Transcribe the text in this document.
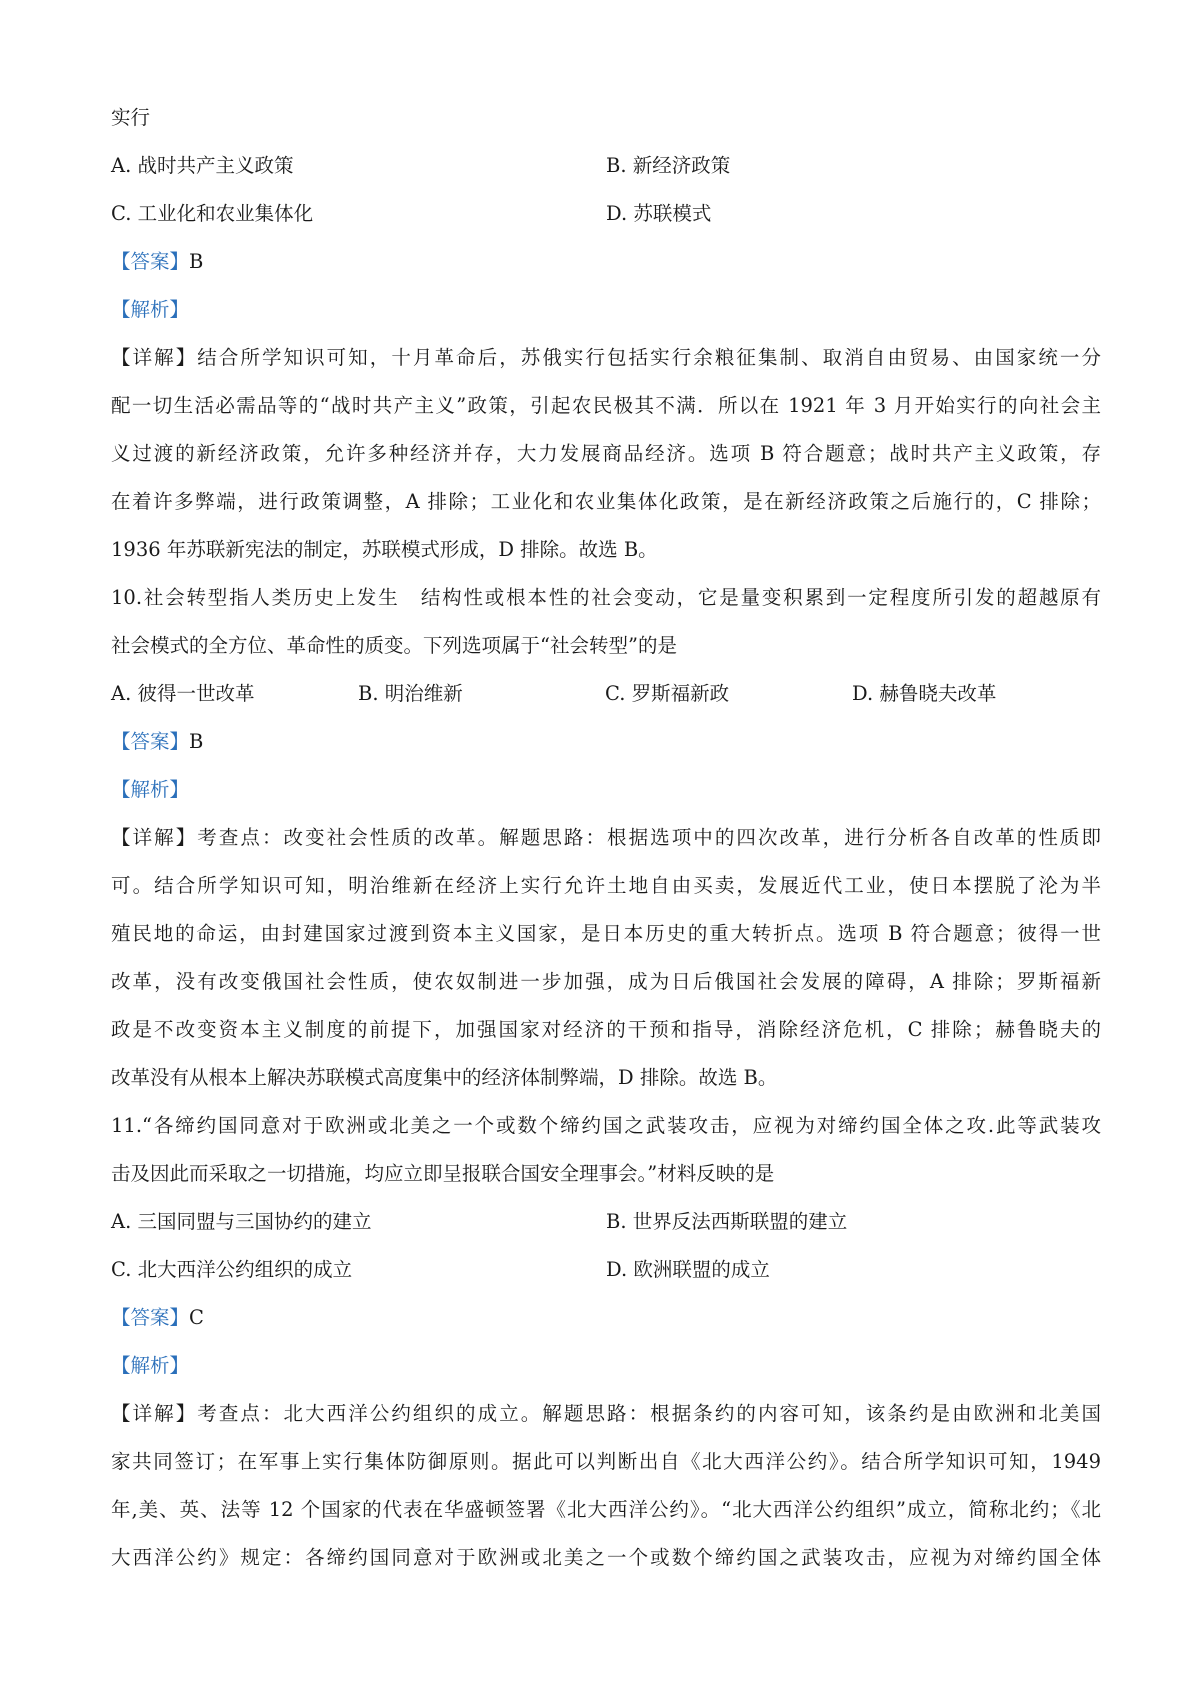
实行
A. 战时共产主义政策	B. 新经济政策
C. 工业化和农业集体化	D. 苏联模式
【答案】B
【解析】
【详解】结合所学知识可知，十月革命后，苏俄实行包括实行余粮征集制、取消自由贸易、由国家统一分
配一切生活必需品等的“战时共产主义”政策，引起农民极其不满．所以在 1921 年 3 月开始实行的向社会主
义过渡的新经济政策，允许多种经济并存，大力发展商品经济。选项 B 符合题意；战时共产主义政策，存
在着许多弊端，进行政策调整，A 排除；工业化和农业集体化政策，是在新经济政策之后施行的，C 排除；
1936 年苏联新宪法的制定，苏联模式形成，D 排除。故选 B。
10.社会转型指人类历史上发生　结构性或根本性的社会变动，它是量变积累到一定程度所引发的超越原有
社会模式的全方位、革命性的质变。下列选项属于“社会转型”的是
A. 彼得一世改革	B. 明治维新	C. 罗斯福新政	D. 赫鲁晓夫改革
【答案】B
【解析】
【详解】考查点：改变社会性质的改革。解题思路：根据选项中的四次改革，进行分析各自改革的性质即
可。结合所学知识可知，明治维新在经济上实行允许土地自由买卖，发展近代工业，使日本摆脱了沦为半
殖民地的命运，由封建国家过渡到资本主义国家，是日本历史的重大转折点。选项 B 符合题意；彼得一世
改革，没有改变俄国社会性质，使农奴制进一步加强，成为日后俄国社会发展的障碍，A 排除；罗斯福新
政是不改变资本主义制度的前提下，加强国家对经济的干预和指导，消除经济危机，C 排除；赫鲁晓夫的
改革没有从根本上解决苏联模式高度集中的经济体制弊端，D 排除。故选 B。
11.“各缔约国同意对于欧洲或北美之一个或数个缔约国之武装攻击，应视为对缔约国全体之攻.此等武装攻
击及因此而采取之一切措施，均应立即呈报联合国安全理事会。”材料反映的是
A. 三国同盟与三国协约的建立	B. 世界反法西斯联盟的建立
C. 北大西洋公约组织的成立	D. 欧洲联盟的成立
【答案】C
【解析】
【详解】考查点：北大西洋公约组织的成立。解题思路：根据条约的内容可知，该条约是由欧洲和北美国
家共同签订；在军事上实行集体防御原则。据此可以判断出自《北大西洋公约》。结合所学知识可知，1949
年,美、英、法等 12 个国家的代表在华盛顿签署《北大西洋公约》。“北大西洋公约组织”成立，简称北约；《北
大西洋公约》规定：各缔约国同意对于欧洲或北美之一个或数个缔约国之武装攻击，应视为对缔约国全体
